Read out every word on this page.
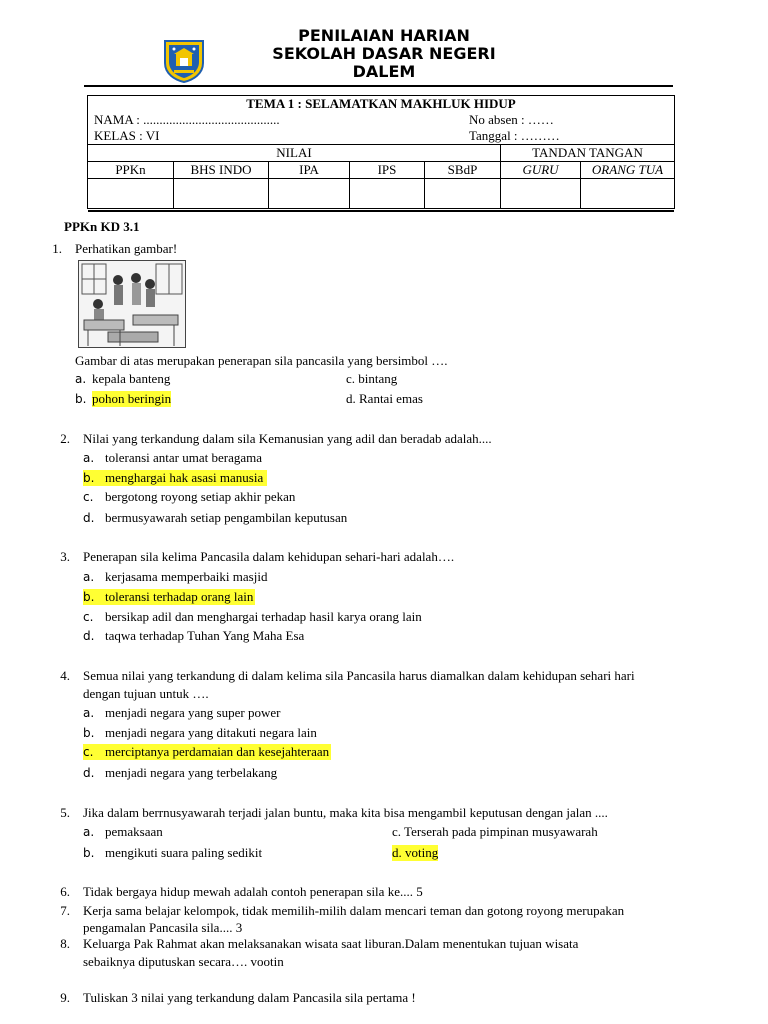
PENILAIAN HARIAN
SEKOLAH DASAR NEGERI
DALEM
TEMA 1 : SELAMATKAN MAKHLUK HIDUP
NAMA : .......................................... No absen : ……
KELAS : VI Tanggal : ………						

NILAI					TANDAN TANGAN	
PPKn	BHS INDO	IPA	IPS	SBdP	GURU	ORANG TUA

PPKn KD 3.1
1. Perhatikan gambar!
Gambar di atas merupakan penerapan sila pancasila yang bersimbol ….
a. kepala banteng	c. bintang
b. pohon beringin	d. Rantai emas
2. Nilai yang terkandung dalam sila Kemanusian yang adil dan beradab adalah....
a. toleransi antar umat beragama
b. menghargai hak asasi manusia
c. bergotong royong setiap akhir pekan
d. bermusyawarah setiap pengambilan keputusan
3. Penerapan sila kelima Pancasila dalam kehidupan sehari-hari adalah….
a. kerjasama memperbaiki masjid
b. toleransi terhadap orang lain
c. bersikap adil dan menghargai terhadap hasil karya orang lain
d. taqwa terhadap Tuhan Yang Maha Esa
4. Semua nilai yang terkandung di dalam kelima sila Pancasila harus diamalkan dalam kehidupan sehari hari
dengan tujuan untuk ….
a. menjadi negara yang super power
b. menjadi negara yang ditakuti negara lain
c. merciptanya perdamaian dan kesejahteraan
d. menjadi negara yang terbelakang
5. Jika dalam berrnusyawarah terjadi jalan buntu, maka kita bisa mengambil keputusan dengan jalan ....
a. pemaksaan	c. Terserah pada pimpinan musyawarah
b. mengikuti suara paling sedikit	d. voting
6. Tidak bergaya hidup mewah adalah contoh penerapan sila ke.... 5
7. Kerja sama belajar kelompok, tidak memilih-milih dalam mencari teman dan gotong royong merupakan
pengamalan Pancasila sila.... 3
8. Keluarga Pak Rahmat akan melaksanakan wisata saat liburan.Dalam menentukan tujuan wisata
sebaiknya diputuskan secara…. vootin
9. Tuliskan 3 nilai yang terkandung dalam Pancasila sila pertama !
